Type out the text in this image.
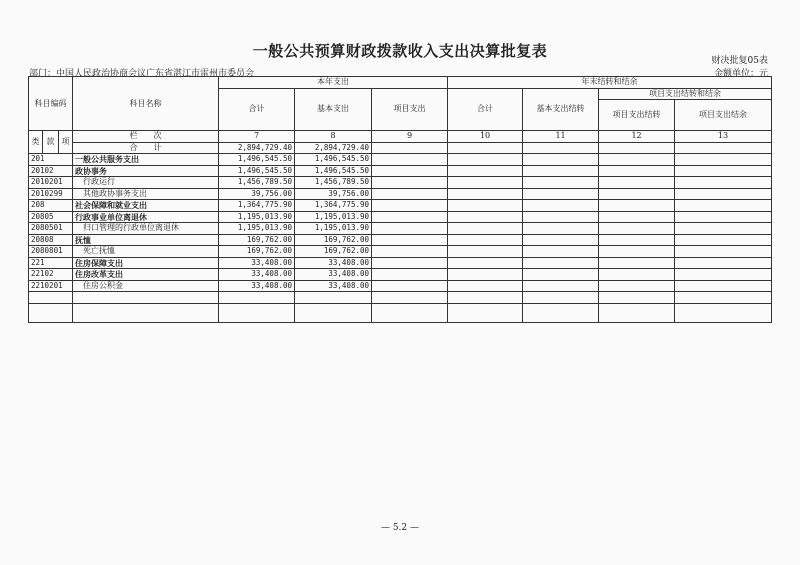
一般公共预算财政拨款收入支出决算批复表
财决批复05表
部门：中国人民政治协商会议广东省湛江市雷州市委员会	金额单位：元
科目编码			科目名称	本年支出			年末结转和结余			
				合计	基本支出	项目支出	合计	基本支出结转	项目支出结转和结余	
									项目支出结转	项目支出结余
类	款	项	栏　　次	7	8	9	10	11	12	13
			合　　计	2,894,729.40	2,894,729.40					
201			一般公共服务支出	1,496,545.50	1,496,545.50					
20102			政协事务	1,496,545.50	1,496,545.50					
2010201			行政运行	1,456,789.50	1,456,789.50					
2010299			其他政协事务支出	39,756.00	39,756.00					
208			社会保障和就业支出	1,364,775.90	1,364,775.90					
20805			行政事业单位离退休	1,195,013.90	1,195,013.90					
2080501			归口管理的行政单位离退休	1,195,013.90	1,195,013.90					
20808			抚恤	169,762.00	169,762.00					
2080801			死亡抚恤	169,762.00	169,762.00					
221			住房保障支出	33,408.00	33,408.00					
22102			住房改革支出	33,408.00	33,408.00					
2210201			住房公积金	33,408.00	33,408.00					

— 5.2 —
